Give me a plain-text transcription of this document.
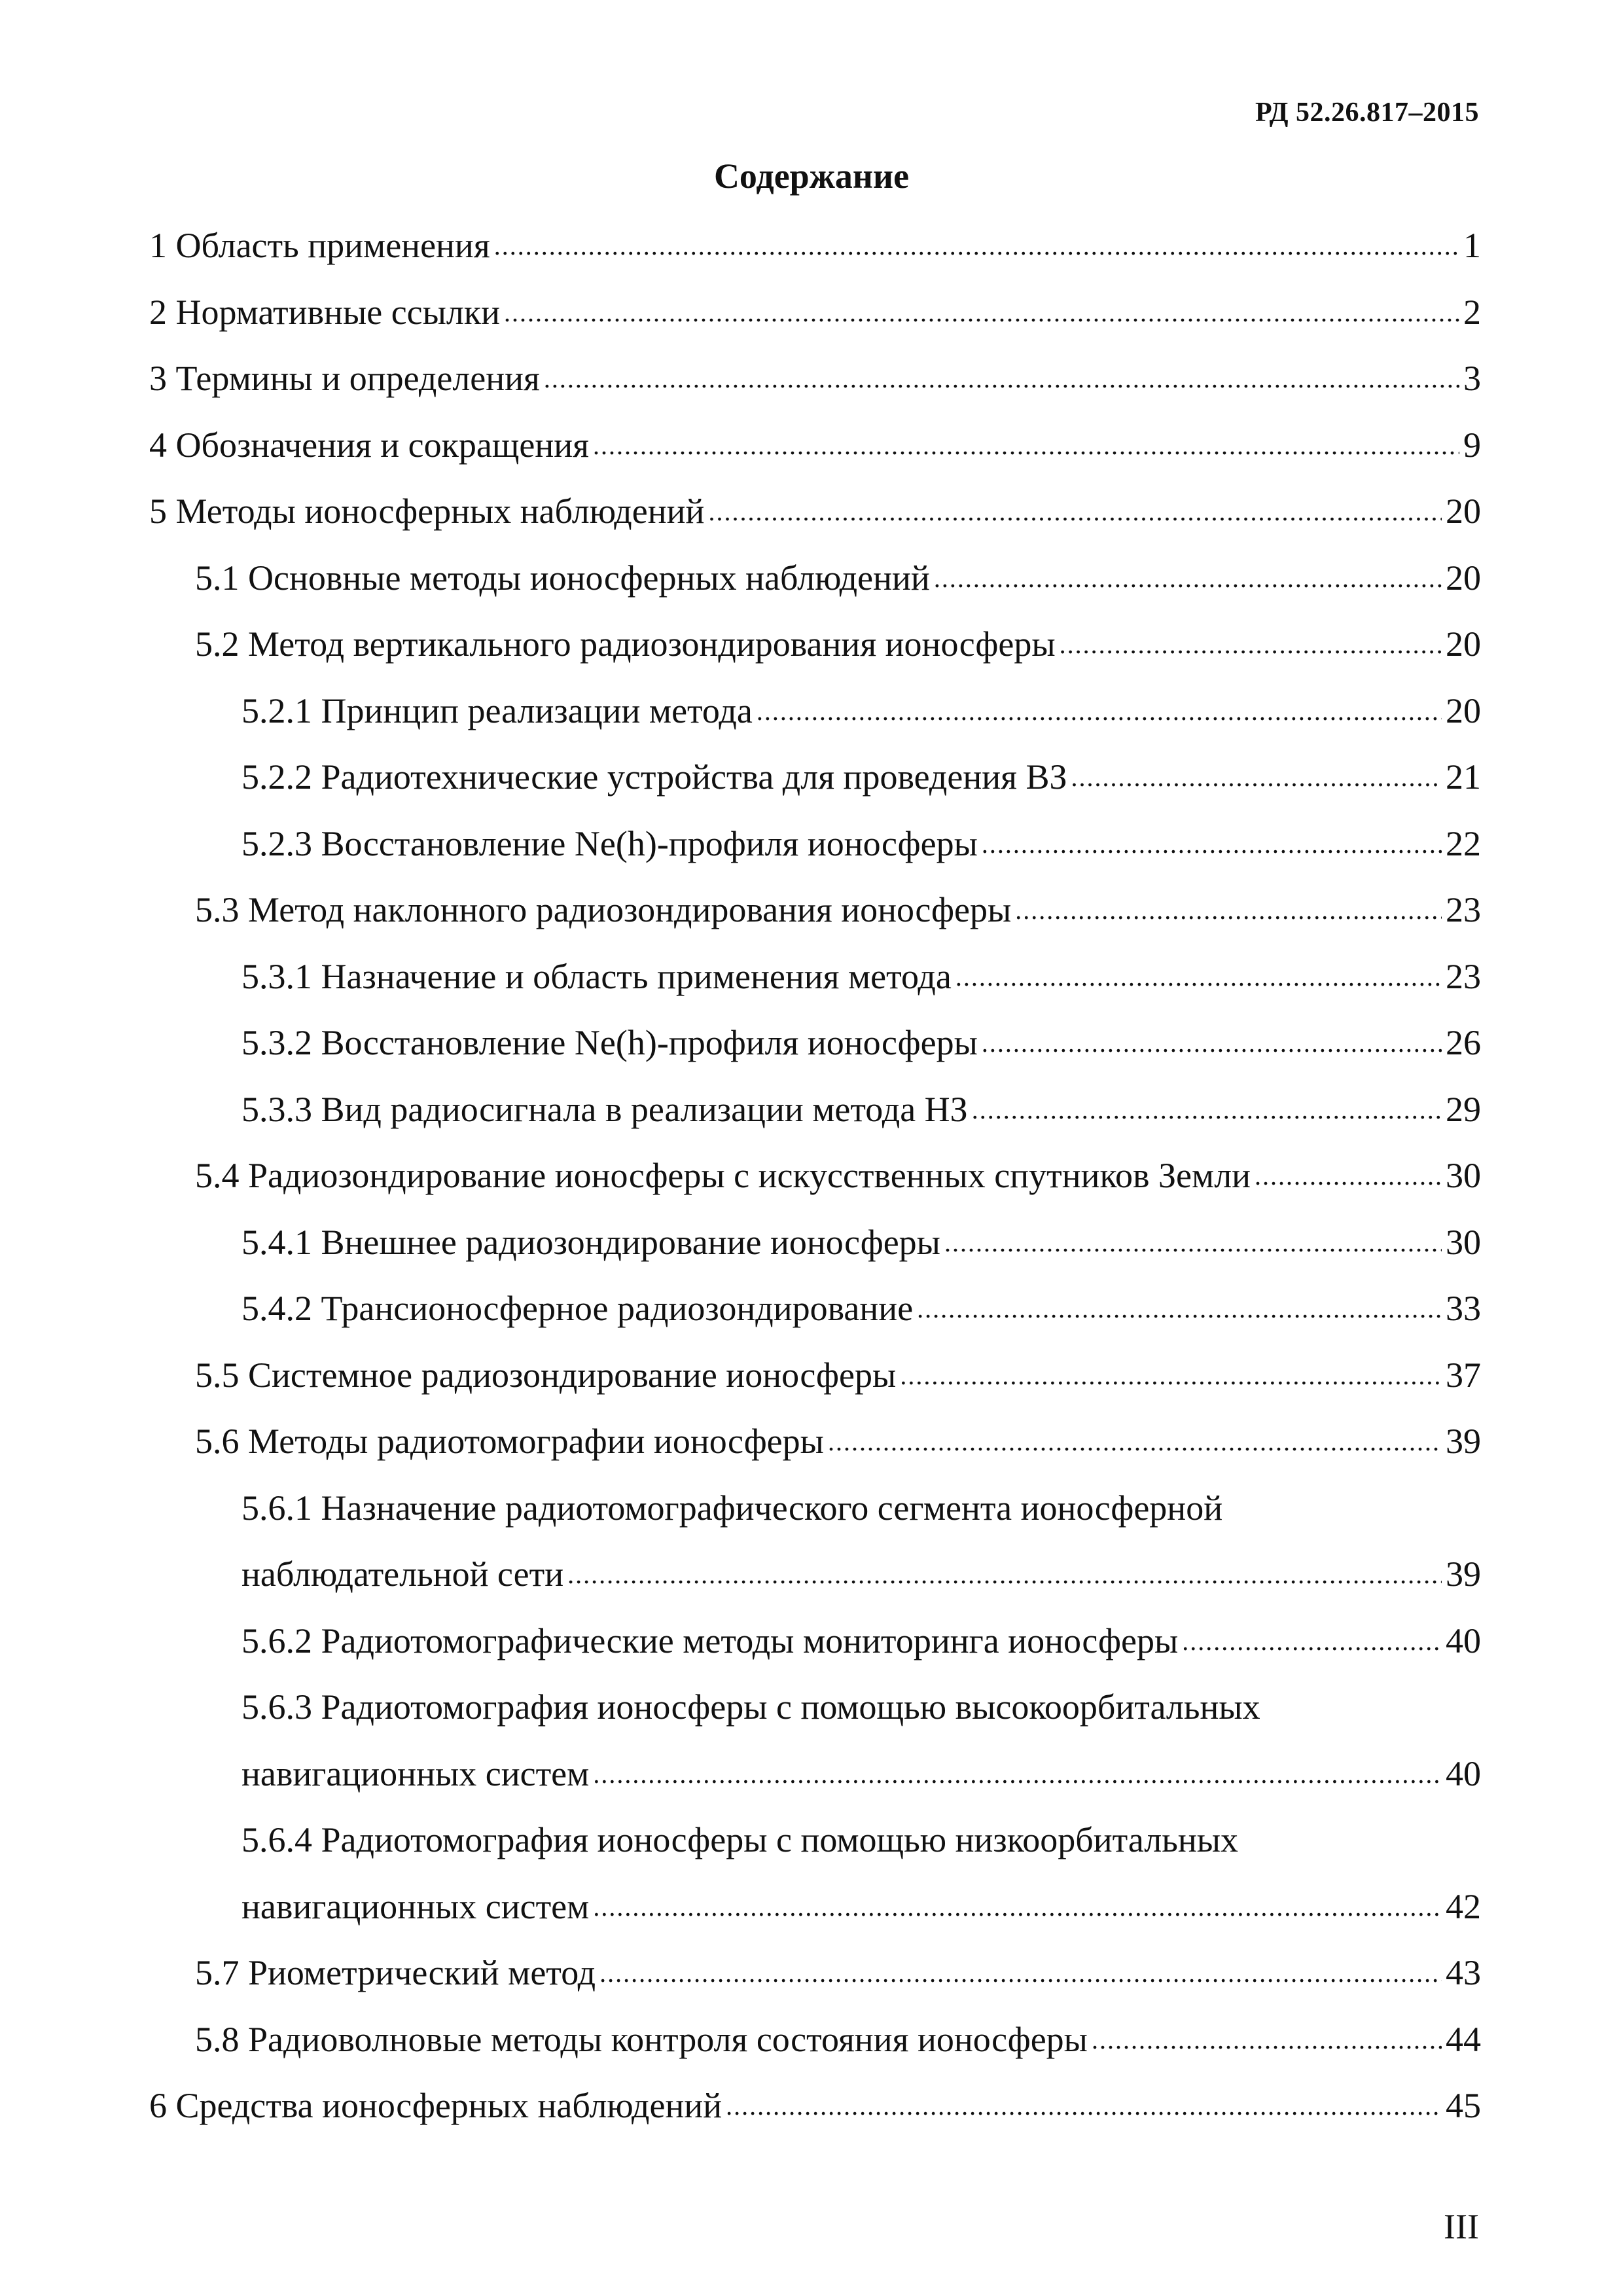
РД 52.26.817–2015
Содержание
1 Область применения .....	1
2 Нормативные ссылки .....	2
3 Термины и определения .....	3
4 Обозначения и сокращения .....	9
5 Методы ионосферных наблюдений .....	20
5.1 Основные методы ионосферных наблюдений .....	20
5.2 Метод вертикального радиозондирования ионосферы .....	20
5.2.1 Принцип реализации метода .....	20
5.2.2 Радиотехнические устройства для проведения ВЗ .....	21
5.2.3 Восстановление Ne(h)-профиля ионосферы .....	22
5.3 Метод наклонного радиозондирования ионосферы .....	23
5.3.1 Назначение и область применения метода .....	23
5.3.2 Восстановление Ne(h)-профиля ионосферы .....	26
5.3.3 Вид радиосигнала в реализации метода НЗ .....	29
5.4 Радиозондирование ионосферы с искусственных спутников Земли .....	30
5.4.1 Внешнее радиозондирование ионосферы .....	30
5.4.2 Трансионосферное радиозондирование .....	33
5.5 Системное радиозондирование ионосферы .....	37
5.6 Методы радиотомографии ионосферы .....	39
5.6.1 Назначение радиотомографического сегмента ионосферной
наблюдательной сети .....	39
5.6.2 Радиотомографические методы мониторинга ионосферы .....	40
5.6.3 Радиотомография ионосферы с помощью высокоорбитальных
навигационных систем .....	40
5.6.4 Радиотомография ионосферы с помощью низкоорбитальных
навигационных систем .....	42
5.7 Риометрический метод .....	43
5.8 Радиоволновые методы контроля состояния ионосферы .....	44
6 Средства ионосферных наблюдений .....	45
III
